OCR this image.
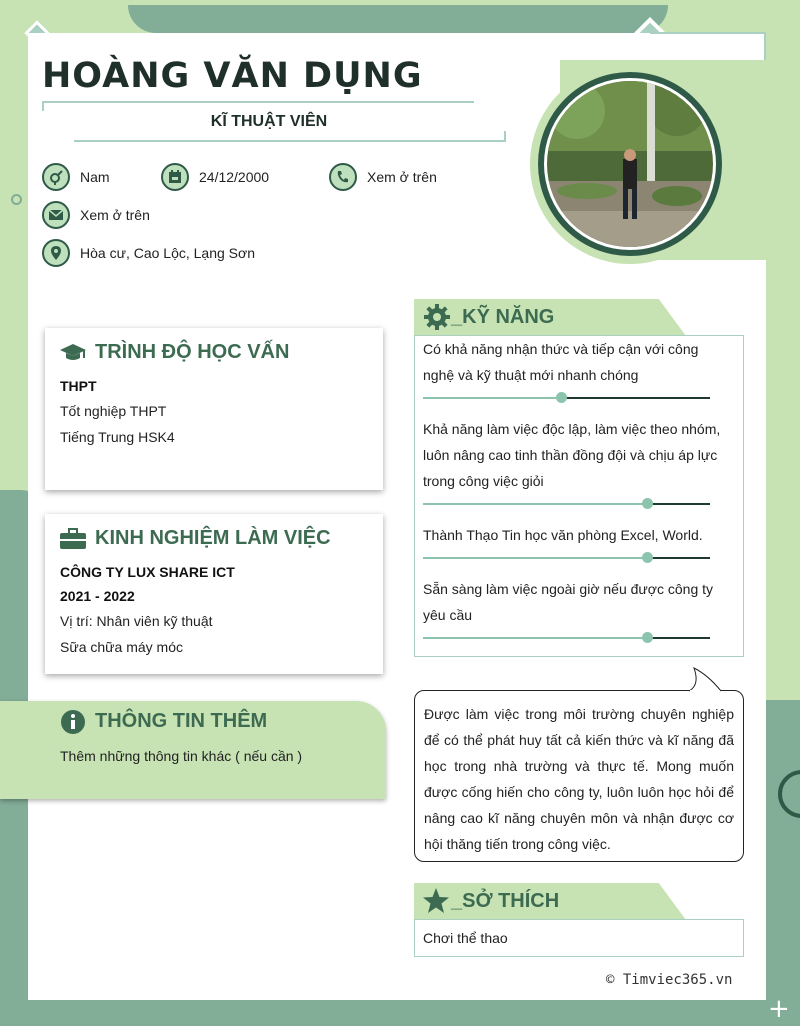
+
HOÀNG VĂN DỤNG
KĨ THUẬT VIÊN
Nam	24/12/2000	Xem ở trên
Xem ở trên
Hòa cư, Cao Lộc, Lạng Sơn
TRÌNH ĐỘ HỌC VẤN
THPT
Tốt nghiệp THPT
Tiếng Trung HSK4
KINH NGHIỆM LÀM VIỆC
CÔNG TY LUX SHARE ICT
2021 - 2022
Vị trí: Nhân viên kỹ thuật
Sữa chữa máy móc
THÔNG TIN THÊM
Thêm những thông tin khác ( nếu cần )
_KỸ NĂNG
Có khả năng nhận thức và tiếp cận với công nghệ và kỹ thuật mới nhanh chóng
Khả năng làm việc độc lập, làm việc theo nhóm, luôn nâng cao tinh thần đồng đội và chịu áp lực trong công việc giỏi
Thành Thạo Tin học văn phòng Excel, World.
Sẵn sàng làm việc ngoài giờ nếu được công ty yêu cầu
Được làm việc trong môi trường chuyên nghiệp để có thể phát huy tất cả kiến thức và kĩ năng đã học trong nhà trường và thực tế. Mong muốn được cống hiến cho công ty, luôn luôn học hỏi để nâng cao kĩ năng chuyên môn và nhận được cơ hội thăng tiến trong công việc.
_SỞ THÍCH
Chơi thể thao
© Timviec365.vn
